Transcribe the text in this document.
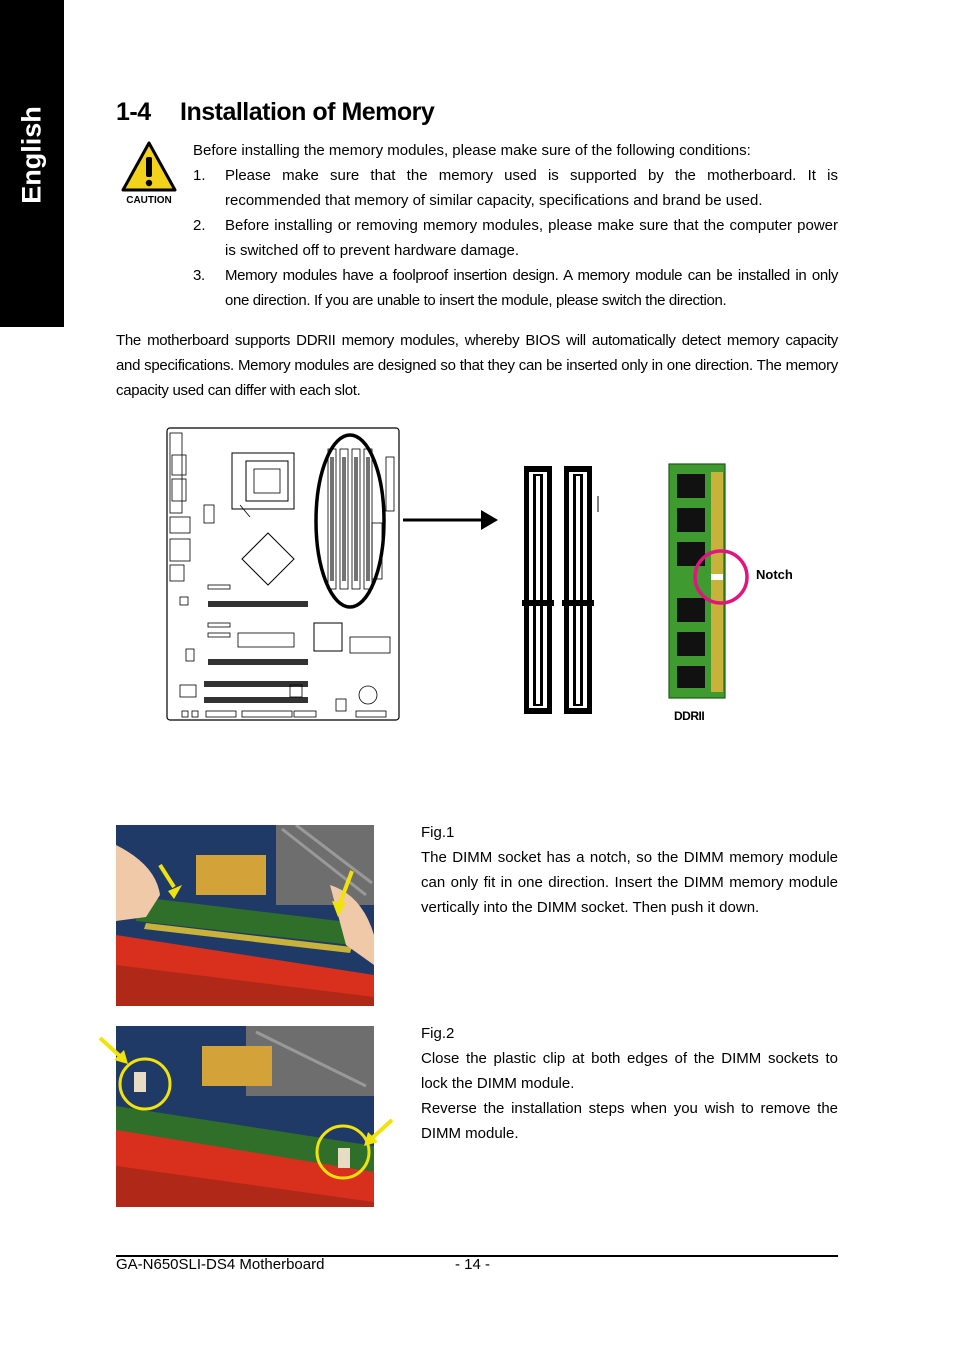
English	1-4 Installation of Memory
CAUTION
Before installing the memory modules, please make sure of the following conditions:
1. Please make sure that the memory used is supported by the motherboard. It is recommended that memory of similar capacity, specifications and brand be used.
2. Before installing or removing memory modules, please make sure that the computer power is switched off to prevent hardware damage.
3. Memory modules have a foolproof insertion design. A memory module can be installed in only one direction. If you are unable to insert the module, please switch the direction.
The motherboard supports DDRII memory modules, whereby BIOS will automatically detect memory capacity and specifications. Memory modules are designed so that they can be inserted only in one direction. The memory capacity used can differ with each slot.
Notch
DDRII
Fig.1
The DIMM socket has a notch, so the DIMM memory module can only fit in one direction. Insert the DIMM memory module vertically into the DIMM socket. Then push it down.
Fig.2
Close the plastic clip at both edges of the DIMM sockets to lock the DIMM module.
Reverse the installation steps when you wish to remove the DIMM module.
GA-N650SLI-DS4 Motherboard	- 14 -
